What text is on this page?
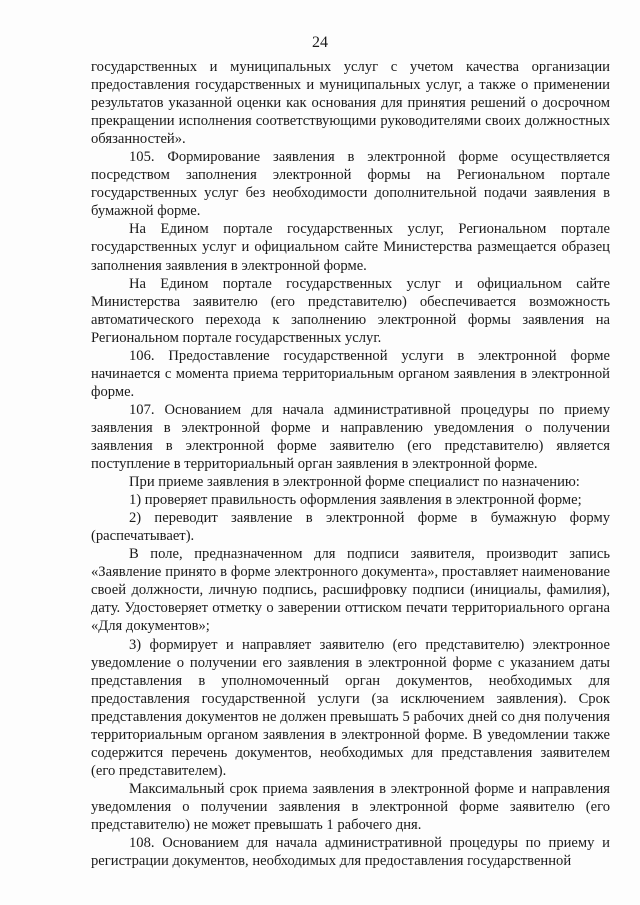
24

государственных и муниципальных услуг с учетом качества организации предоставления государственных и муниципальных услуг, а также о применении результатов указанной оценки как основания для принятия решений о досрочном прекращении исполнения соответствующими руководителями своих должностных обязанностей».

105. Формирование заявления в электронной форме осуществляется посредством заполнения электронной формы на Региональном портале государственных услуг без необходимости дополнительной подачи заявления в бумажной форме.

На Едином портале государственных услуг, Региональном портале государственных услуг и официальном сайте Министерства размещается образец заполнения заявления в электронной форме.

На Едином портале государственных услуг и официальном сайте Министерства заявителю (его представителю) обеспечивается возможность автоматического перехода к заполнению электронной формы заявления на Региональном портале государственных услуг.

106. Предоставление государственной услуги в электронной форме начинается с момента приема территориальным органом заявления в электронной форме.

107. Основанием для начала административной процедуры по приему заявления в электронной форме и направлению уведомления о получении заявления в электронной форме заявителю (его представителю) является поступление в территориальный орган заявления в электронной форме.

При приеме заявления в электронной форме специалист по назначению:

1) проверяет правильность оформления заявления в электронной форме;

2) переводит заявление в электронной форме в бумажную форму (распечатывает).

В поле, предназначенном для подписи заявителя, производит запись «Заявление принято в форме электронного документа», проставляет наименование своей должности, личную подпись, расшифровку подписи (инициалы, фамилия), дату. Удостоверяет отметку о заверении оттиском печати территориального органа «Для документов»;

3) формирует и направляет заявителю (его представителю) электронное уведомление о получении его заявления в электронной форме с указанием даты представления в уполномоченный орган документов, необходимых для предоставления государственной услуги (за исключением заявления). Срок представления документов не должен превышать 5 рабочих дней со дня получения территориальным органом заявления в электронной форме. В уведомлении также содержится перечень документов, необходимых для представления заявителем (его представителем).

Максимальный срок приема заявления в электронной форме и направления уведомления о получении заявления в электронной форме заявителю (его представителю) не может превышать 1 рабочего дня.

108. Основанием для начала административной процедуры по приему и регистрации документов, необходимых для предоставления государственной
